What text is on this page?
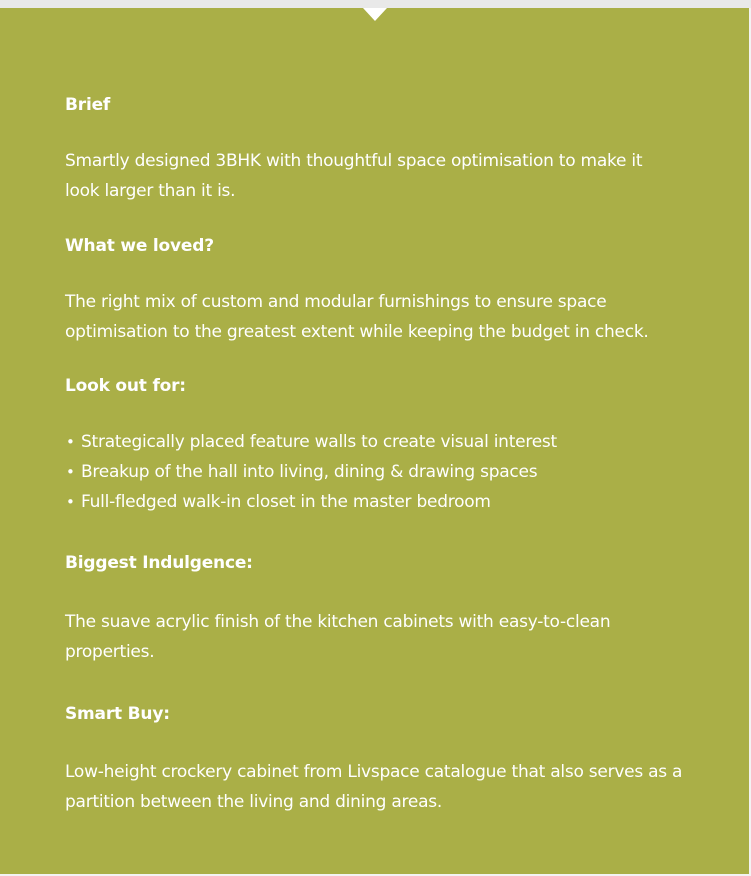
Brief

Smartly designed 3BHK with thoughtful space optimisation to make it look larger than it is.

What we loved?

The right mix of custom and modular furnishings to ensure space optimisation to the greatest extent while keeping the budget in check.

Look out for:
• Strategically placed feature walls to create visual interest
• Breakup of the hall into living, dining & drawing spaces
• Full-fledged walk-in closet in the master bedroom
Biggest Indulgence:

The suave acrylic finish of the kitchen cabinets with easy-to-clean properties.

Smart Buy:

Low-height crockery cabinet from Livspace catalogue that also serves as a partition between the living and dining areas.
